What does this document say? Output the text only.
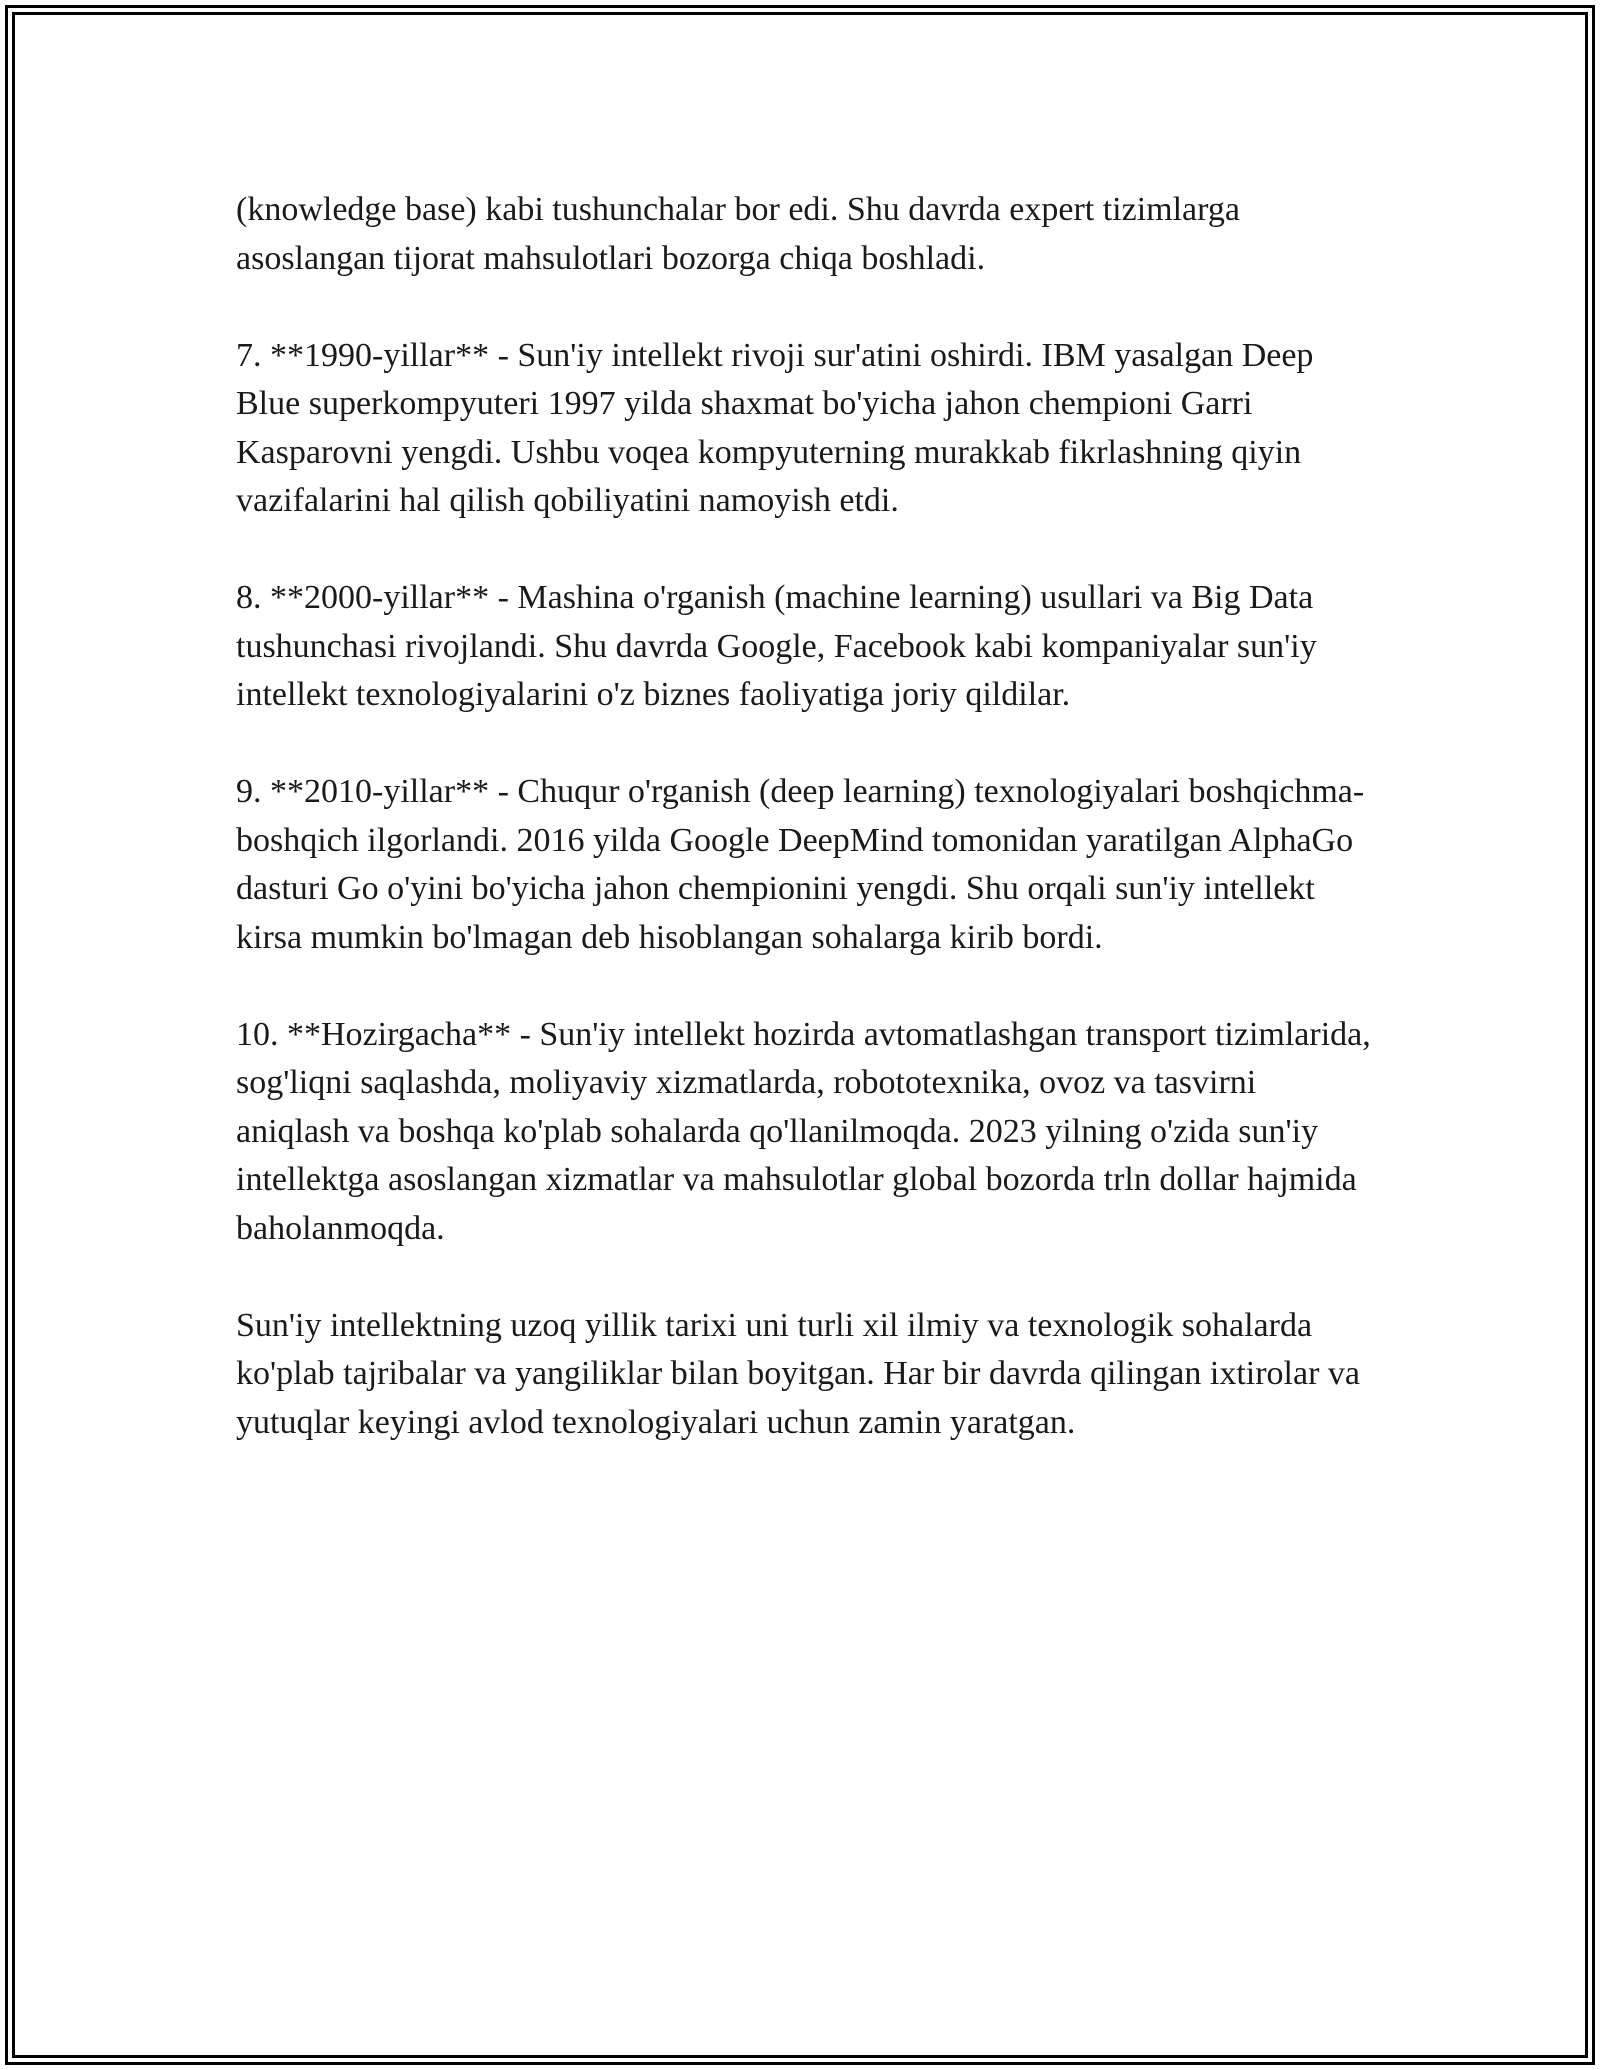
(knowledge base) kabi tushunchalar bor edi. Shu davrda expert tizimlarga asoslangan tijorat mahsulotlari bozorga chiqa boshladi.

7. **1990-yillar** - Sun'iy intellekt rivoji sur'atini oshirdi. IBM yasalgan Deep Blue superkompyuteri 1997 yilda shaxmat bo'yicha jahon chempioni Garri Kasparovni yengdi. Ushbu voqea kompyuterning murakkab fikrlashning qiyin vazifalarini hal qilish qobiliyatini namoyish etdi.

8. **2000-yillar** - Mashina o'rganish (machine learning) usullari va Big Data tushunchasi rivojlandi. Shu davrda Google, Facebook kabi kompaniyalar sun'iy intellekt texnologiyalarini o'z biznes faoliyatiga joriy qildilar.

9. **2010-yillar** - Chuqur o'rganish (deep learning) texnologiyalari boshqichma-boshqich ilgorlandi. 2016 yilda Google DeepMind tomonidan yaratilgan AlphaGo dasturi Go o'yini bo'yicha jahon chempionini yengdi. Shu orqali sun'iy intellekt kirsa mumkin bo'lmagan deb hisoblangan sohalarga kirib bordi.

10. **Hozirgacha** - Sun'iy intellekt hozirda avtomatlashgan transport tizimlarida, sog'liqni saqlashda, moliyaviy xizmatlarda, robototexnika, ovoz va tasvirni aniqlash va boshqa ko'plab sohalarda qo'llanilmoqda. 2023 yilning o'zida sun'iy intellektga asoslangan xizmatlar va mahsulotlar global bozorda trln dollar hajmida baholanmoqda.

Sun'iy intellektning uzoq yillik tarixi uni turli xil ilmiy va texnologik sohalarda ko'plab tajribalar va yangiliklar bilan boyitgan. Har bir davrda qilingan ixtirolar va yutuqlar keyingi avlod texnologiyalari uchun zamin yaratgan.
